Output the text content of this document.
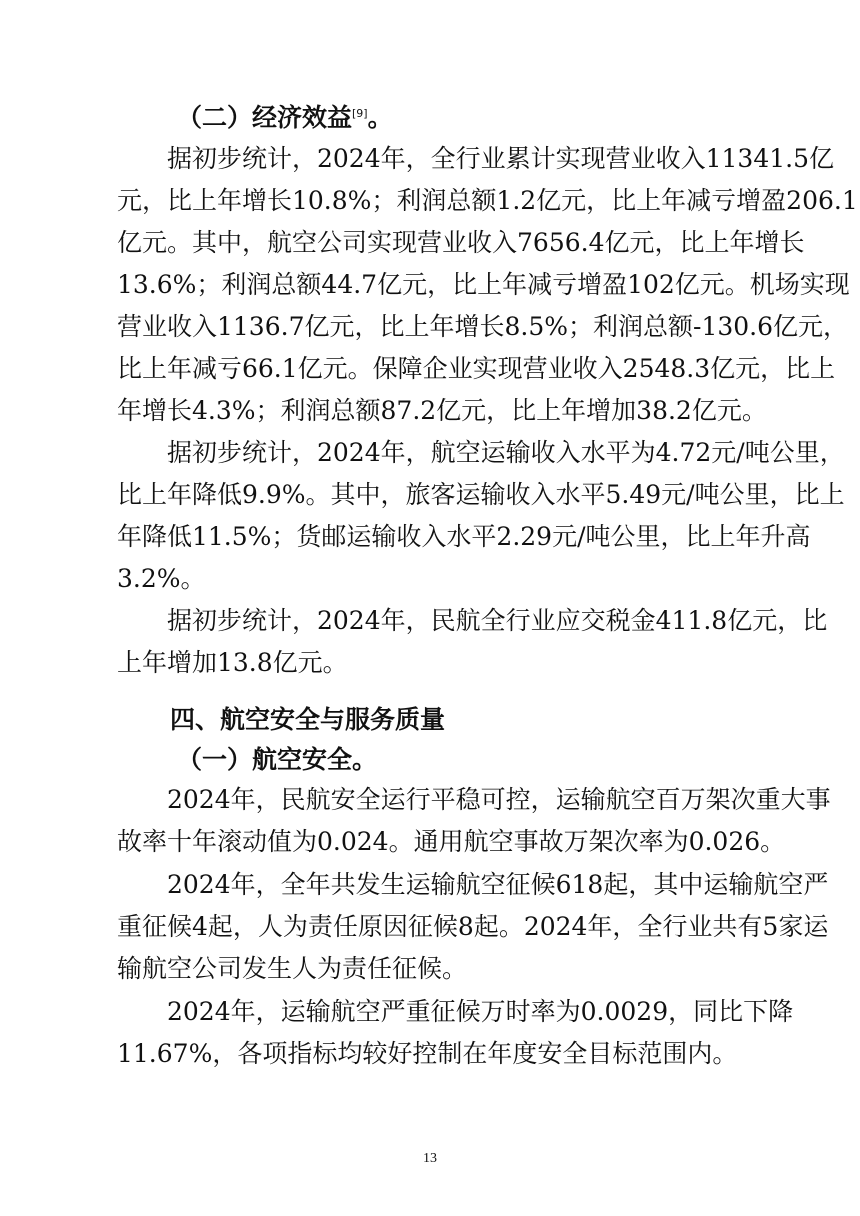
（二）经济效益[9]。
据初步统计，2024年，全行业累计实现营业收入11341.5亿
元，比上年增长10.8%；利润总额1.2亿元，比上年减亏增盈206.1
亿元。其中，航空公司实现营业收入7656.4亿元，比上年增长
13.6%；利润总额44.7亿元，比上年减亏增盈102亿元。机场实现
营业收入1136.7亿元，比上年增长8.5%；利润总额-130.6亿元，
比上年减亏66.1亿元。保障企业实现营业收入2548.3亿元，比上
年增长4.3%；利润总额87.2亿元，比上年增加38.2亿元。
据初步统计，2024年，航空运输收入水平为4.72元/吨公里，
比上年降低9.9%。其中，旅客运输收入水平5.49元/吨公里，比上
年降低11.5%；货邮运输收入水平2.29元/吨公里，比上年升高
3.2%。
据初步统计，2024年，民航全行业应交税金411.8亿元，比
上年增加13.8亿元。
四、航空安全与服务质量
（一）航空安全。
2024年，民航安全运行平稳可控，运输航空百万架次重大事
故率十年滚动值为0.024。通用航空事故万架次率为0.026。
2024年，全年共发生运输航空征候618起，其中运输航空严
重征候4起，人为责任原因征候8起。2024年，全行业共有5家运
输航空公司发生人为责任征候。
2024年，运输航空严重征候万时率为0.0029，同比下降
11.67%，各项指标均较好控制在年度安全目标范围内。
13
